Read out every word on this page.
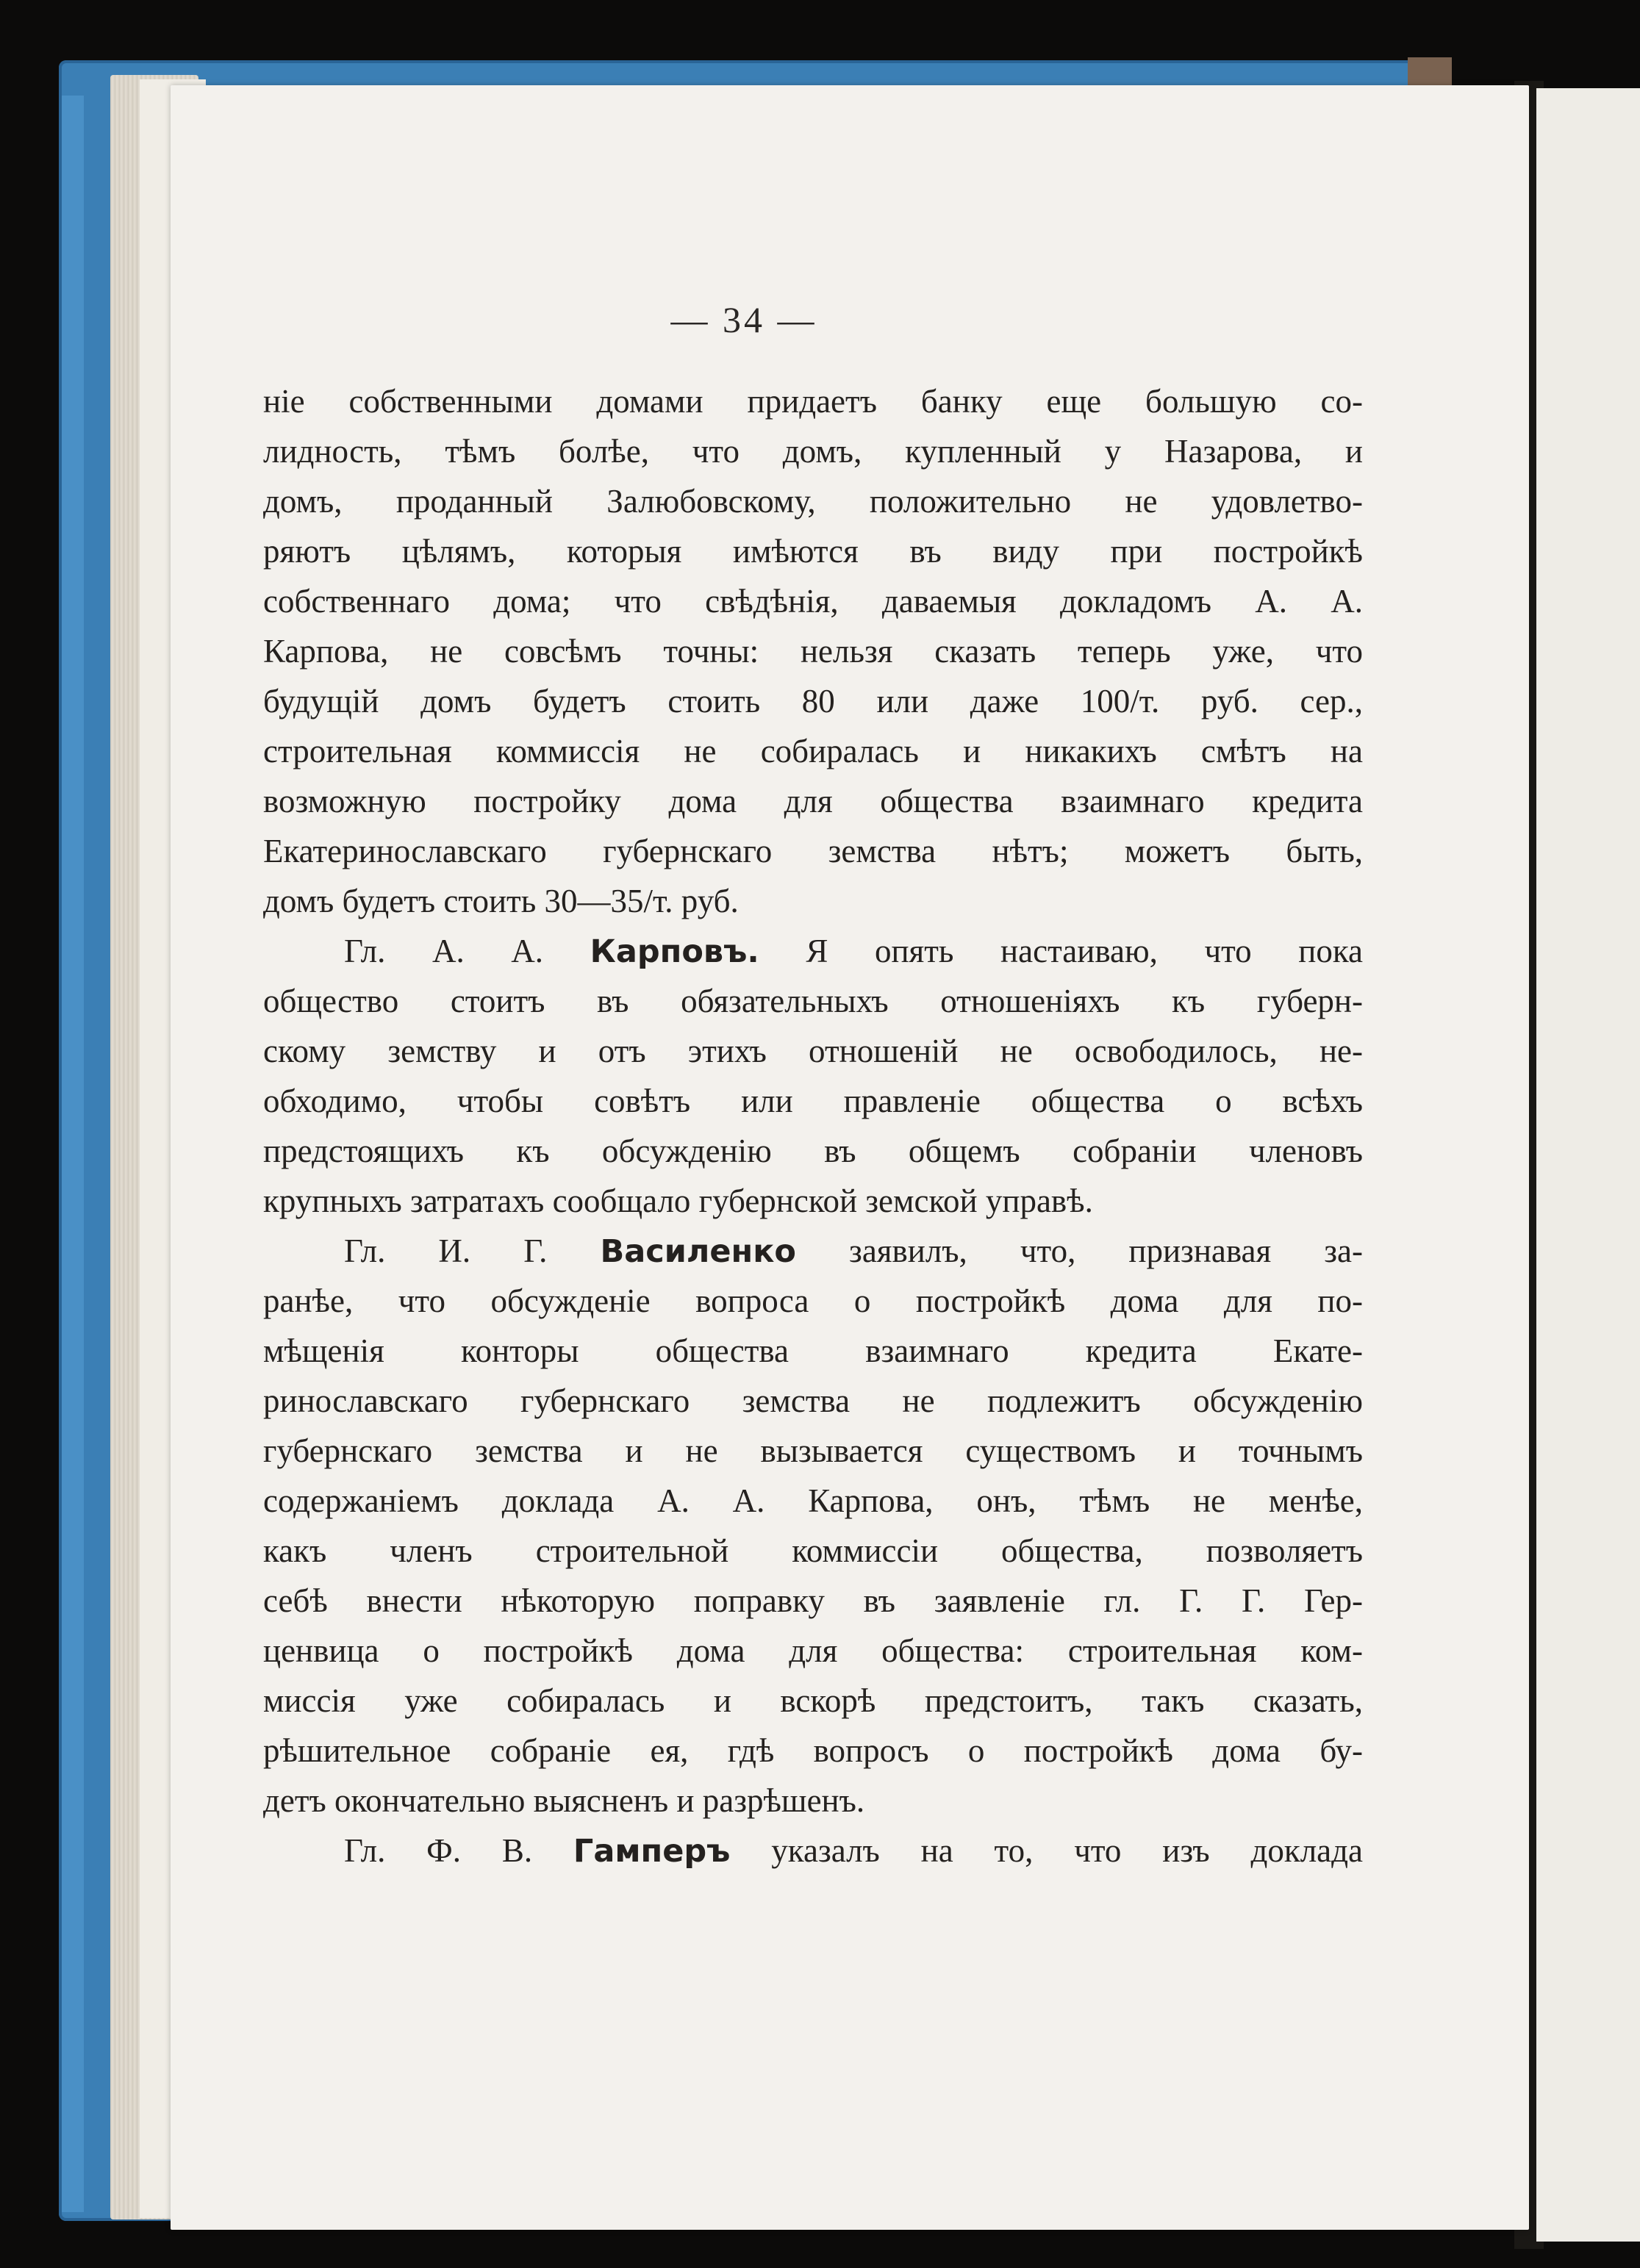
— 34 —
ніе собственными домами придаетъ банку еще большую со-
лидность, тѣмъ болѣе, что домъ, купленный у Назарова, и
домъ, проданный Залюбовскому, положительно не удовлетво-
ряютъ цѣлямъ, которыя имѣются въ виду при постройкѣ
собственнаго дома; что свѣдѣнія, даваемыя докладомъ А. А.
Карпова, не совсѣмъ точны: нельзя сказать теперь уже, что
будущій домъ будетъ стоить 80 или даже 100/т. руб. сер.,
строительная коммиссія не собиралась и никакихъ смѣтъ на
возможную постройку дома для общества взаимнаго кредита
Екатеринославскаго губернскаго земства нѣтъ; можетъ быть,
домъ будетъ стоить 30—35/т. руб.
Гл. А. А. Карповъ. Я опять настаиваю, что пока
общество стоитъ въ обязательныхъ отношеніяхъ къ губерн-
скому земству и отъ этихъ отношеній не освободилось, не-
обходимо, чтобы совѣтъ или правленіе общества о всѣхъ
предстоящихъ къ обсужденію въ общемъ собраніи членовъ
крупныхъ затратахъ сообщало губернской земской управѣ.
Гл. И. Г. Василенко заявилъ, что, признавая за-
ранѣе, что обсужденіе вопроса о постройкѣ дома для по-
мѣщенія конторы общества взаимнаго кредита Екате-
ринославскаго губернскаго земства не подлежитъ обсужденію
губернскаго земства и не вызывается существомъ и точнымъ
содержаніемъ доклада А. А. Карпова, онъ, тѣмъ не менѣе,
какъ членъ строительной коммиссіи общества, позволяетъ
себѣ внести нѣкоторую поправку въ заявленіе гл. Г. Г. Гер-
ценвица о постройкѣ дома для общества: строительная ком-
миссія уже собиралась и вскорѣ предстоитъ, такъ сказать,
рѣшительное собраніе ея, гдѣ вопросъ о постройкѣ дома бу-
детъ окончательно выясненъ и разрѣшенъ.
Гл. Ф. В. Гамперъ указалъ на то, что изъ доклада
